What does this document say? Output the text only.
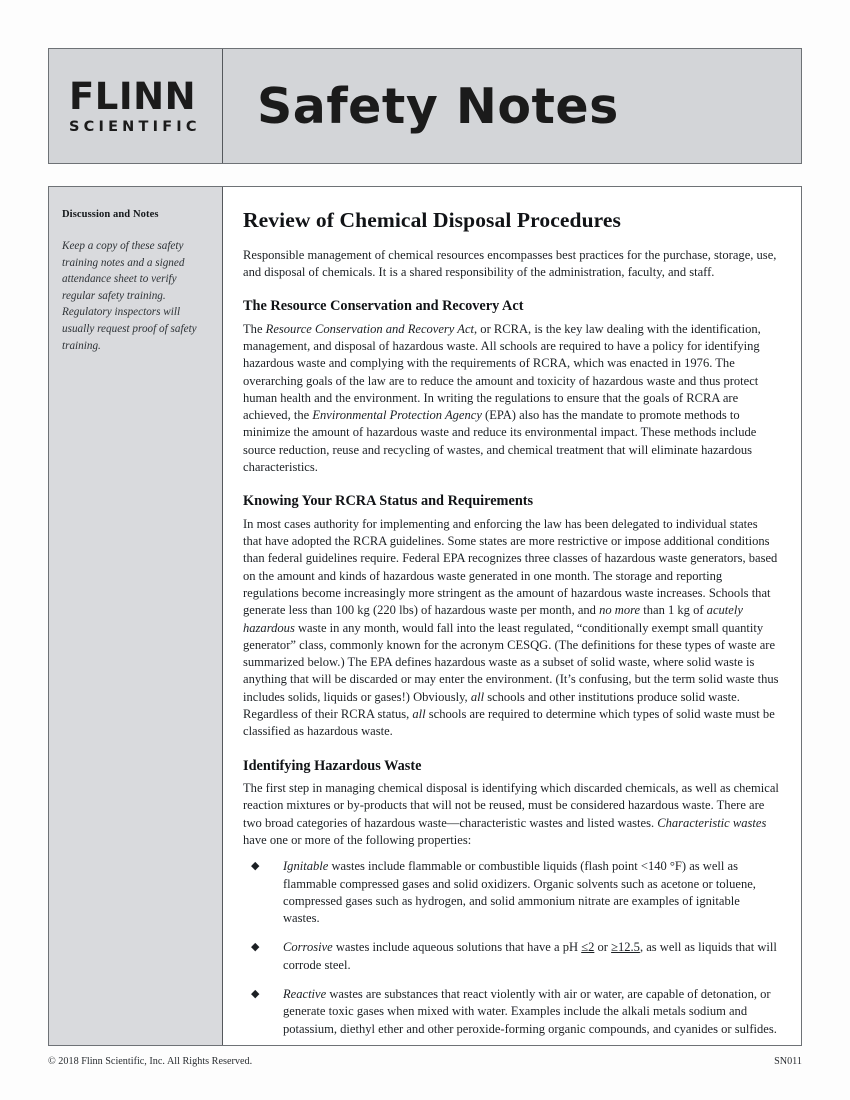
FLINN
SCIENTIFIC	Safety Notes
Discussion and Notes
Keep a copy of these safety training notes and a signed attendance sheet to verify regular safety training. Regulatory inspectors will usually request proof of safety training.
Review of Chemical Disposal Procedures

Responsible management of chemical resources encompasses best practices for the purchase, storage, use, and disposal of chemicals. It is a shared responsibility of the administration, faculty, and staff.

The Resource Conservation and Recovery Act

The Resource Conservation and Recovery Act, or RCRA, is the key law dealing with the identification, management, and disposal of hazardous waste. All schools are required to have a policy for identifying hazardous waste and complying with the requirements of RCRA, which was enacted in 1976. The overarching goals of the law are to reduce the amount and toxicity of hazardous waste and thus protect human health and the environment. In writing the regulations to ensure that the goals of RCRA are achieved, the Environmental Protection Agency (EPA) also has the mandate to promote methods to minimize the amount of hazardous waste and reduce its environmental impact. These methods include source reduction, reuse and recycling of wastes, and chemical treatment that will eliminate hazardous characteristics.

Knowing Your RCRA Status and Requirements

In most cases authority for implementing and enforcing the law has been delegated to individual states that have adopted the RCRA guidelines. Some states are more restrictive or impose additional conditions than federal guidelines require. Federal EPA recognizes three classes of hazardous waste generators, based on the amount and kinds of hazardous waste generated in one month. The storage and reporting regulations become increasingly more stringent as the amount of hazardous waste increases. Schools that generate less than 100 kg (220 lbs) of hazardous waste per month, and no more than 1 kg of acutely hazardous waste in any month, would fall into the least regulated, “conditionally exempt small quantity generator” class, commonly known for the acronym CESQG. (The definitions for these types of waste are summarized below.) The EPA defines hazardous waste as a subset of solid waste, where solid waste is anything that will be discarded or may enter the environment. (It’s confusing, but the term solid waste thus includes solids, liquids or gases!) Obviously, all schools and other institutions produce solid waste. Regardless of their RCRA status, all schools are required to determine which types of solid waste must be classified as hazardous waste.

Identifying Hazardous Waste

The first step in managing chemical disposal is identifying which discarded chemicals, as well as chemical reaction mixtures or by-products that will not be reused, must be considered hazardous waste. There are two broad categories of hazardous waste—characteristic wastes and listed wastes. Characteristic wastes have one or more of the following properties:

◆ Ignitable wastes include flammable or combustible liquids (flash point <140 °F) as well as flammable compressed gases and solid oxidizers. Organic solvents such as acetone or toluene, compressed gases such as hydrogen, and solid ammonium nitrate are examples of ignitable wastes.
◆ Corrosive wastes include aqueous solutions that have a pH ≤2 or ≥12.5, as well as liquids that will corrode steel.
◆ Reactive wastes are substances that react violently with air or water, are capable of detonation, or generate toxic gases when mixed with water. Examples include the alkali metals sodium and potassium, diethyl ether and other peroxide-forming organic compounds, and cyanides or sulfides.
© 2018 Flinn Scientific, Inc. All Rights Reserved.	SN011
